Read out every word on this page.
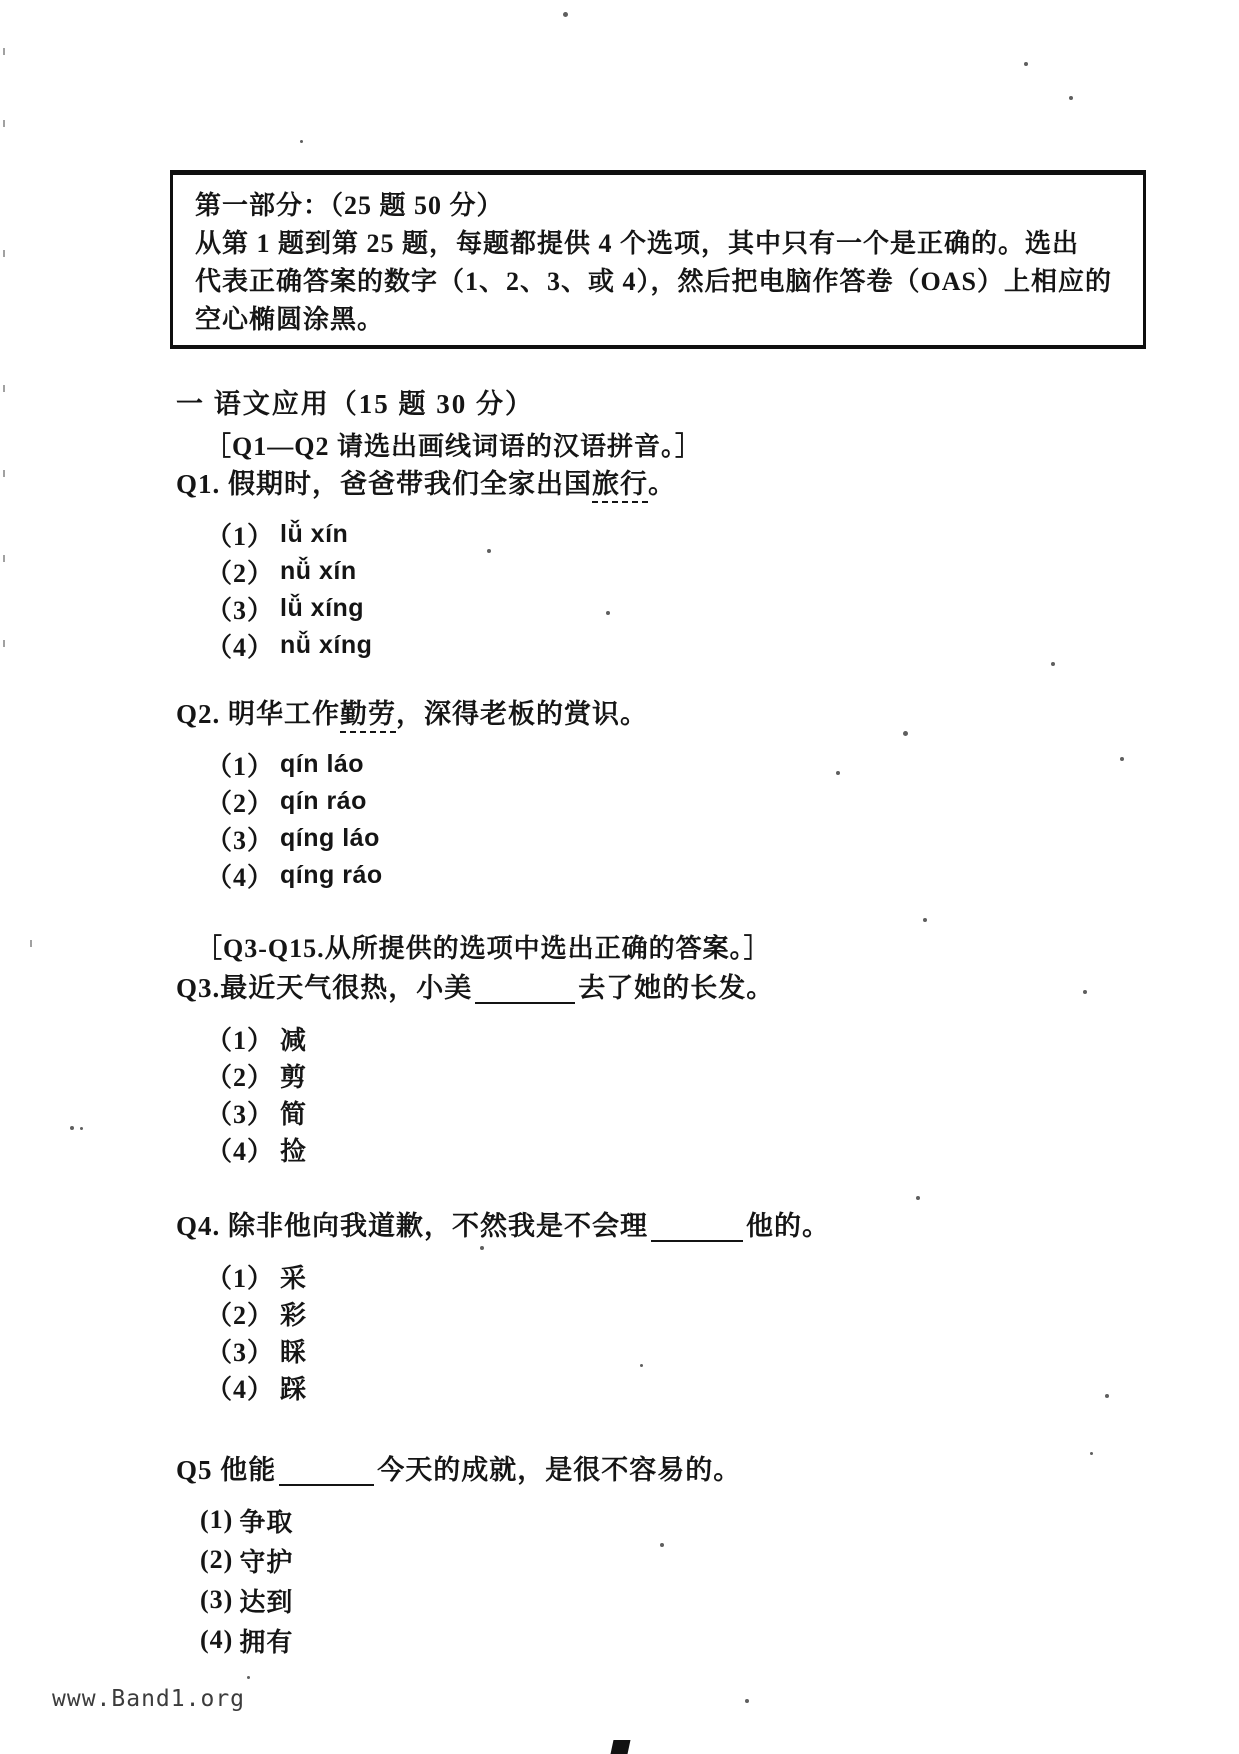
第一部分：（25 题 50 分）

从第 1 题到第 25 题，每题都提供 4 个选项，其中只有一个是正确的。选出

代表正确答案的数字（1、2、3、或 4），然后把电脑作答卷（OAS）上相应的

空心椭圆涂黑。

一 语文应用（15 题 30 分）
［Q1—Q2 请选出画线词语的汉语拼音。］
［Q3-Q15.从所提供的选项中选出正确的答案。］
Q1. 假期时，爸爸带我们全家出国旅行。
（1） lǚ xín
（2） nǚ xín
（3） lǚ xíng
（4） nǚ xíng
Q2. 明华工作勤劳，深得老板的赏识。
（1） qín láo
（2） qín ráo
（3） qíng láo
（4） qíng ráo
Q3.最近天气很热，小美	去了她的长发。
（1） 减
（2） 剪
（3） 简
（4） 捡
Q4. 除非他向我道歉，不然我是不会理	他的。
（1） 采
（2） 彩
（3） 睬
（4） 踩
Q5 他能	今天的成就，是很不容易的。
(1) 争取
(2) 守护
(3) 达到
(4) 拥有
www.Band1.org
